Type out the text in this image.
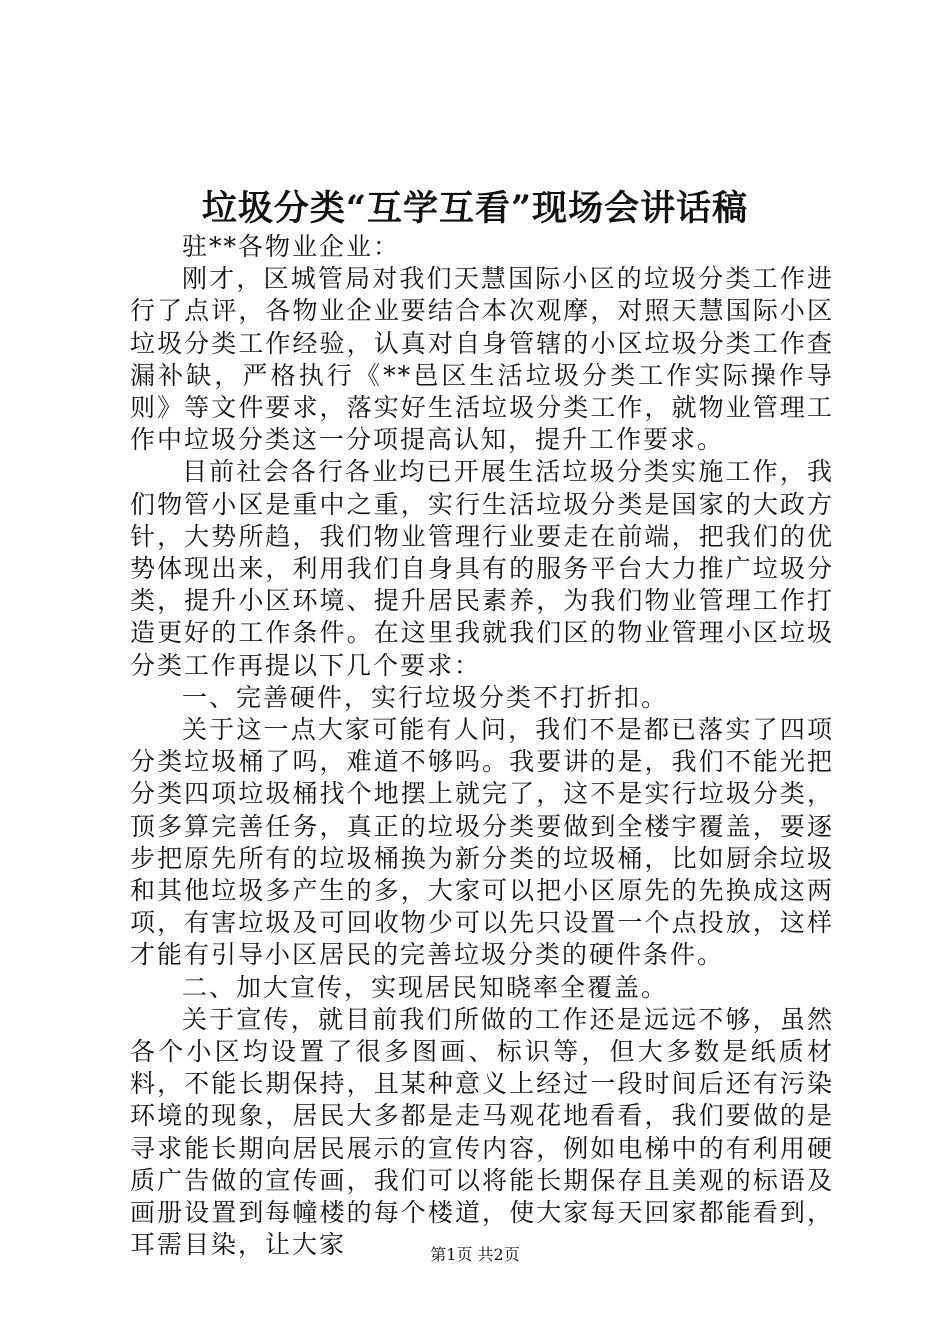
垃圾分类“互学互看”现场会讲话稿

驻**各物业企业：

刚才，区城管局对我们天慧国际小区的垃圾分类工作进行了点评，各物业企业要结合本次观摩，对照天慧国际小区垃圾分类工作经验，认真对自身管辖的小区垃圾分类工作查漏补缺，严格执行《**邑区生活垃圾分类工作实际操作导则》等文件要求，落实好生活垃圾分类工作，就物业管理工作中垃圾分类这一分项提高认知，提升工作要求。

目前社会各行各业均已开展生活垃圾分类实施工作，我们物管小区是重中之重，实行生活垃圾分类是国家的大政方针，大势所趋，我们物业管理行业要走在前端，把我们的优势体现出来，利用我们自身具有的服务平台大力推广垃圾分类，提升小区环境、提升居民素养，为我们物业管理工作打造更好的工作条件。在这里我就我们区的物业管理小区垃圾分类工作再提以下几个要求：

一、完善硬件，实行垃圾分类不打折扣。

关于这一点大家可能有人问，我们不是都已落实了四项分类垃圾桶了吗，难道不够吗。我要讲的是，我们不能光把分类四项垃圾桶找个地摆上就完了，这不是实行垃圾分类，顶多算完善任务，真正的垃圾分类要做到全楼宇覆盖，要逐步把原先所有的垃圾桶换为新分类的垃圾桶，比如厨余垃圾和其他垃圾多产生的多，大家可以把小区原先的先换成这两项，有害垃圾及可回收物少可以先只设置一个点投放，这样才能有引导小区居民的完善垃圾分类的硬件条件。

二、加大宣传，实现居民知晓率全覆盖。

关于宣传，就目前我们所做的工作还是远远不够，虽然各个小区均设置了很多图画、标识等，但大多数是纸质材料，不能长期保持，且某种意义上经过一段时间后还有污染环境的现象，居民大多都是走马观花地看看，我们要做的是寻求能长期向居民展示的宣传内容，例如电梯中的有利用硬质广告做的宣传画，我们可以将能长期保存且美观的标语及画册设置到每幢楼的每个楼道，使大家每天回家都能看到，耳需目染，让大家	第1页 共2页
